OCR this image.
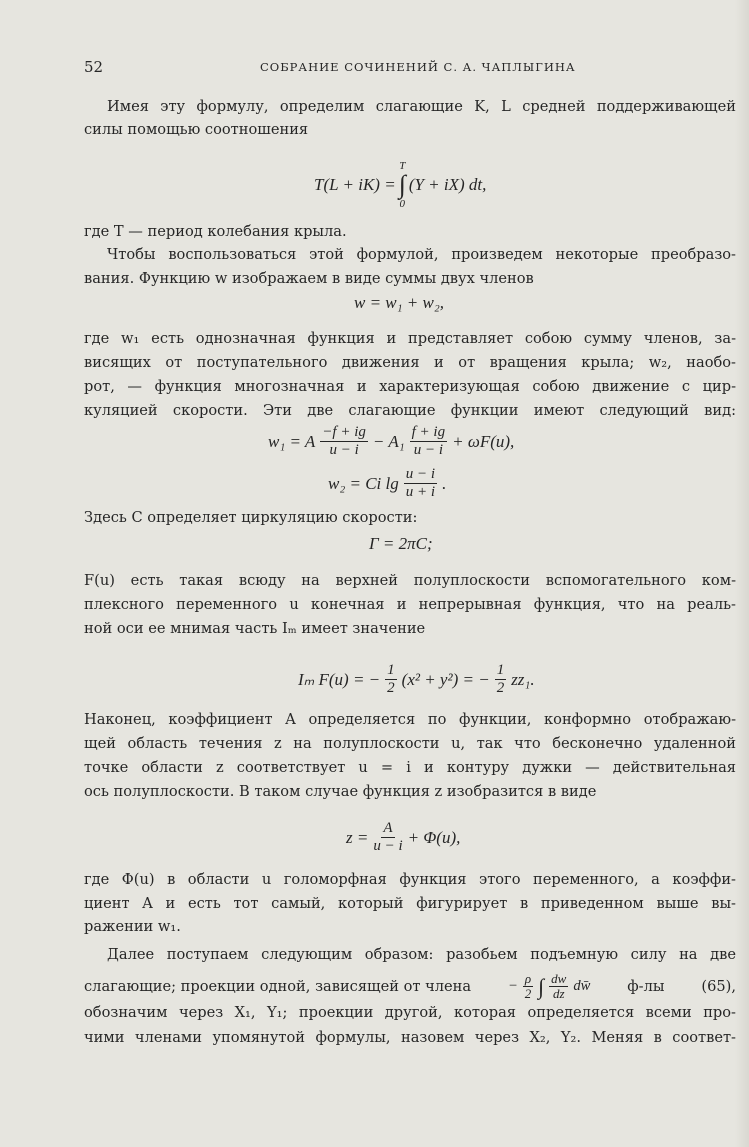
52	СОБРАНИЕ СОЧИНЕНИЙ С. А. ЧАПЛЫГИНА
Имея эту формулу, определим слагающие K, L средней поддерживающей
силы помощью соотношения
T(L + iK) =
T
∫
0
(Y + iX) dt,
где T — период колебания крыла.
Чтобы воспользоваться этой формулой, произведем некоторые преобразо-
вания. Функцию w изображаем в виде суммы двух членов
w = w₁ + w₂,
где w₁ есть однозначная функция и представляет собою сумму членов, за-
висящих от поступательного движения и от вращения крыла; w₂, наобо-
рот, — функция многозначная и характеризующая собою движение с цир-
куляцией скорости. Эти две слагающие функции имеют следующий вид:
w₁ = A $\frac{-f + ig}{u - i} - A_1 \frac{f + ig}{u - i} + \omega F(u)$,
w₂ = Ci $\lg \frac{u - i}{u + i}$ .
Здесь C определяет циркуляцию скорости:
Γ = 2πC;
F(u) есть такая всюду на верхней полуплоскости вспомогательного ком-
плексного переменного u конечная и непрерывная функция, что на реаль-
ной оси ее мнимая часть Iₘ имеет значение
Iₘ F(u) = − $\frac{1}{2} (x^2 + y^2)$ = − $\frac{1}{2} zz_1$.
Наконец, коэффициент A определяется по функции, конформно отображаю-
щей область течения z на полуплоскости u, так что бесконечно удаленной
точке области z соответствует u = i и контуру дужки — действительная
ось полуплоскости. В таком случае функция z изобразится в виде
$z = \frac{A}{u - i} + \Phi(u)$,
где Φ(u) в области u голоморфная функция этого переменного, а коэффи-
циент A и есть тот самый, который фигурирует в приведенном выше вы-
ражении w₁.
Далее поступаем следующим образом: разобьем подъемную силу на две
слагающие; проекции одной, зависящей от члена	− $\frac{\rho}{2}$ ∫ $\frac{dw}{dz}$ dw̄	ф-лы	(65),
обозначим через X₁, Y₁; проекции другой, которая определяется всеми про-
чими членами упомянутой формулы, назовем через X₂, Y₂. Меняя в соответ-
